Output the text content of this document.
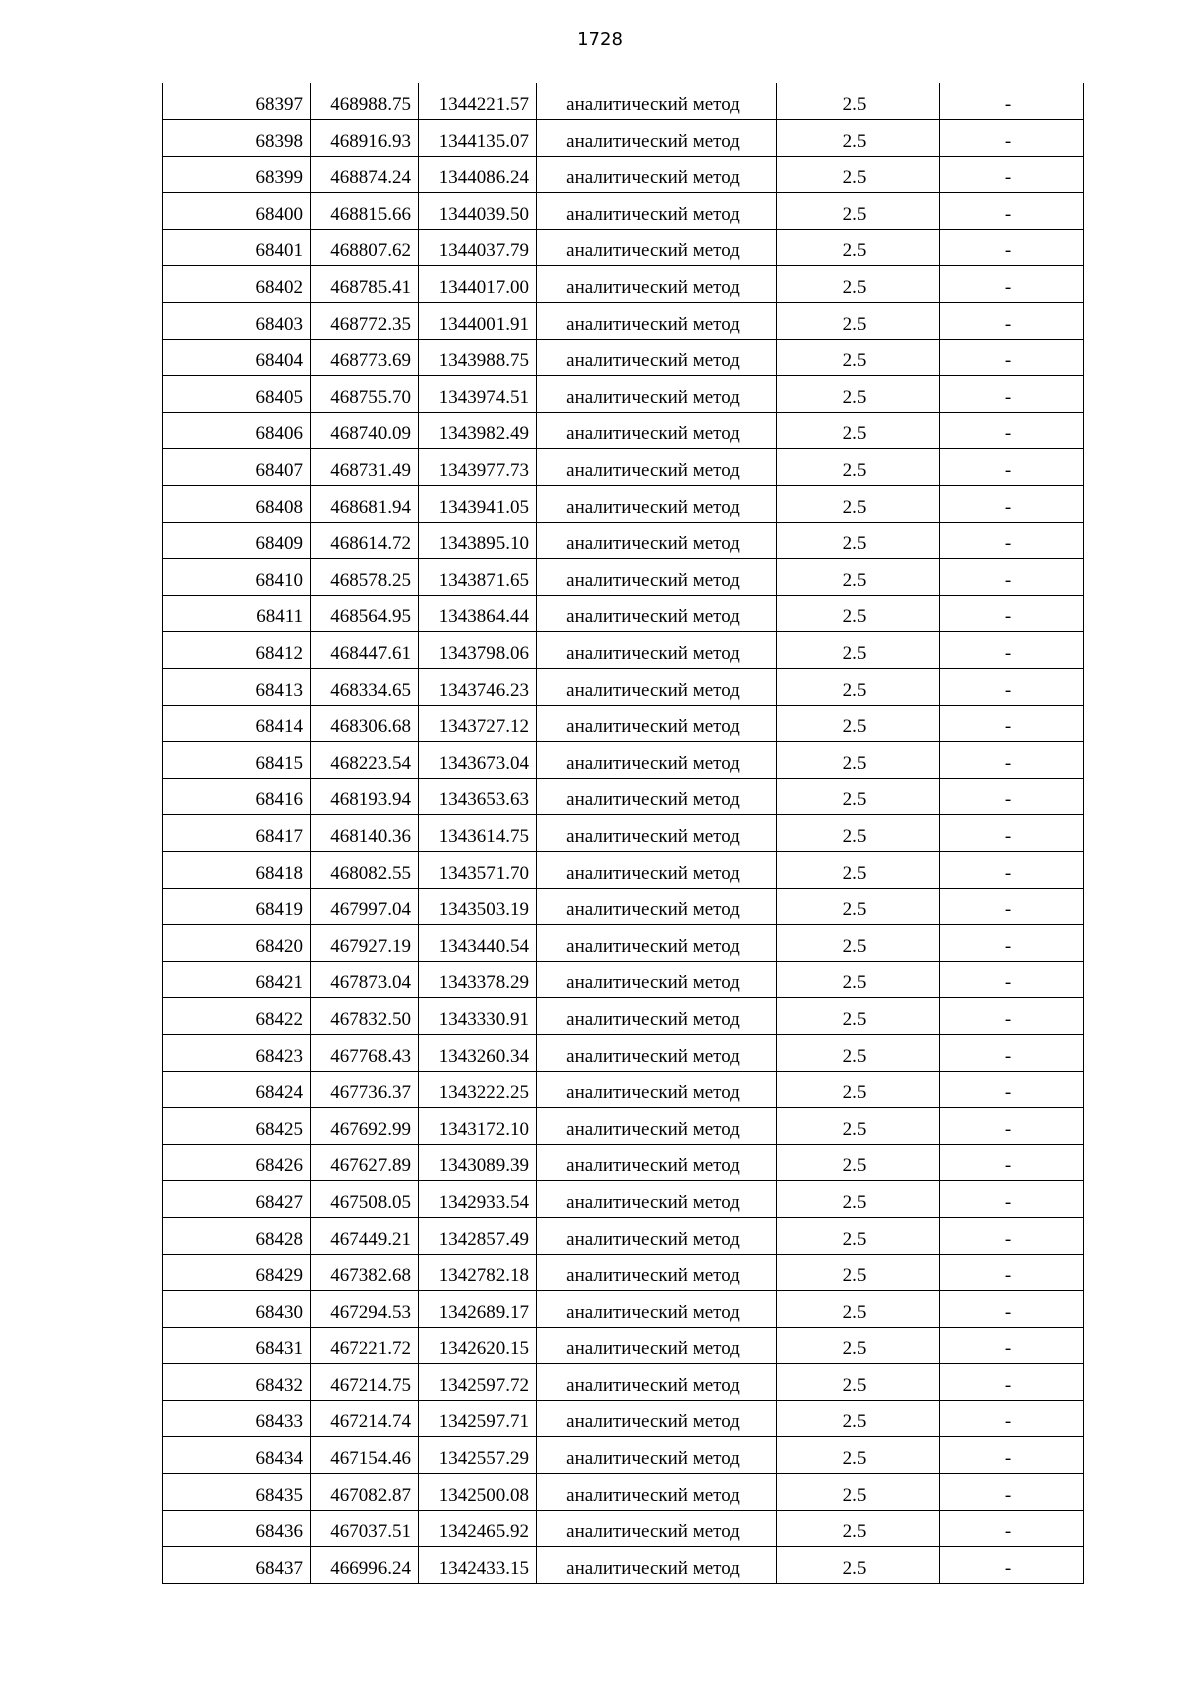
1728
68397	468988.75	1344221.57	аналитический метод	2.5	-
68398	468916.93	1344135.07	аналитический метод	2.5	-
68399	468874.24	1344086.24	аналитический метод	2.5	-
68400	468815.66	1344039.50	аналитический метод	2.5	-
68401	468807.62	1344037.79	аналитический метод	2.5	-
68402	468785.41	1344017.00	аналитический метод	2.5	-
68403	468772.35	1344001.91	аналитический метод	2.5	-
68404	468773.69	1343988.75	аналитический метод	2.5	-
68405	468755.70	1343974.51	аналитический метод	2.5	-
68406	468740.09	1343982.49	аналитический метод	2.5	-
68407	468731.49	1343977.73	аналитический метод	2.5	-
68408	468681.94	1343941.05	аналитический метод	2.5	-
68409	468614.72	1343895.10	аналитический метод	2.5	-
68410	468578.25	1343871.65	аналитический метод	2.5	-
68411	468564.95	1343864.44	аналитический метод	2.5	-
68412	468447.61	1343798.06	аналитический метод	2.5	-
68413	468334.65	1343746.23	аналитический метод	2.5	-
68414	468306.68	1343727.12	аналитический метод	2.5	-
68415	468223.54	1343673.04	аналитический метод	2.5	-
68416	468193.94	1343653.63	аналитический метод	2.5	-
68417	468140.36	1343614.75	аналитический метод	2.5	-
68418	468082.55	1343571.70	аналитический метод	2.5	-
68419	467997.04	1343503.19	аналитический метод	2.5	-
68420	467927.19	1343440.54	аналитический метод	2.5	-
68421	467873.04	1343378.29	аналитический метод	2.5	-
68422	467832.50	1343330.91	аналитический метод	2.5	-
68423	467768.43	1343260.34	аналитический метод	2.5	-
68424	467736.37	1343222.25	аналитический метод	2.5	-
68425	467692.99	1343172.10	аналитический метод	2.5	-
68426	467627.89	1343089.39	аналитический метод	2.5	-
68427	467508.05	1342933.54	аналитический метод	2.5	-
68428	467449.21	1342857.49	аналитический метод	2.5	-
68429	467382.68	1342782.18	аналитический метод	2.5	-
68430	467294.53	1342689.17	аналитический метод	2.5	-
68431	467221.72	1342620.15	аналитический метод	2.5	-
68432	467214.75	1342597.72	аналитический метод	2.5	-
68433	467214.74	1342597.71	аналитический метод	2.5	-
68434	467154.46	1342557.29	аналитический метод	2.5	-
68435	467082.87	1342500.08	аналитический метод	2.5	-
68436	467037.51	1342465.92	аналитический метод	2.5	-
68437	466996.24	1342433.15	аналитический метод	2.5	-
